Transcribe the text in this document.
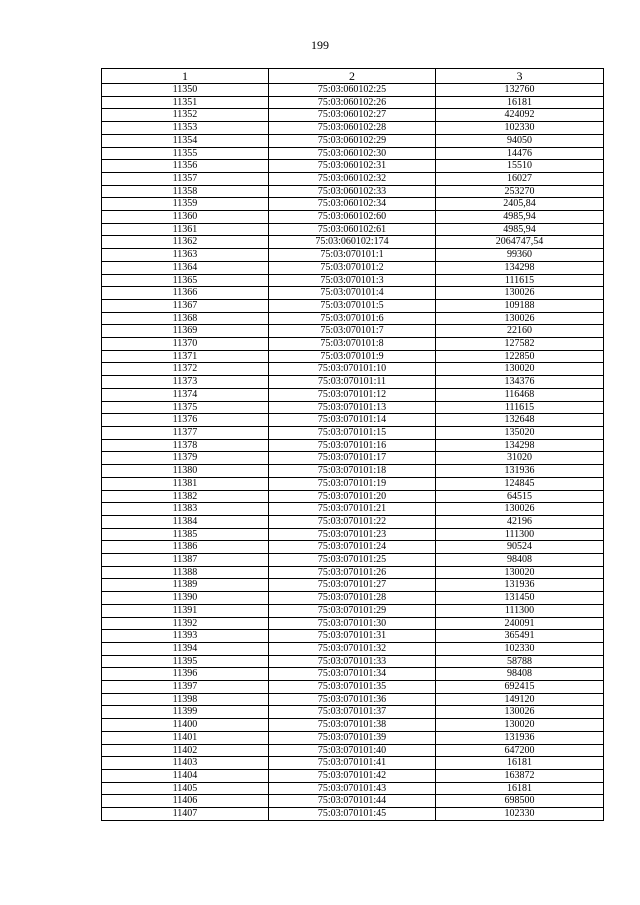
199
1	2	3
11350	75:03:060102:25	132760
11351	75:03:060102:26	16181
11352	75:03:060102:27	424092
11353	75:03:060102:28	102330
11354	75:03:060102:29	94050
11355	75:03:060102:30	14476
11356	75:03:060102:31	15510
11357	75:03:060102:32	16027
11358	75:03:060102:33	253270
11359	75:03:060102:34	2405,84
11360	75:03:060102:60	4985,94
11361	75:03:060102:61	4985,94
11362	75:03:060102:174	2064747,54
11363	75:03:070101:1	99360
11364	75:03:070101:2	134298
11365	75:03:070101:3	111615
11366	75:03:070101:4	130026
11367	75:03:070101:5	109188
11368	75:03:070101:6	130026
11369	75:03:070101:7	22160
11370	75:03:070101:8	127582
11371	75:03:070101:9	122850
11372	75:03:070101:10	130020
11373	75:03:070101:11	134376
11374	75:03:070101:12	116468
11375	75:03:070101:13	111615
11376	75:03:070101:14	132648
11377	75:03:070101:15	135020
11378	75:03:070101:16	134298
11379	75:03:070101:17	31020
11380	75:03:070101:18	131936
11381	75:03:070101:19	124845
11382	75:03:070101:20	64515
11383	75:03:070101:21	130026
11384	75:03:070101:22	42196
11385	75:03:070101:23	111300
11386	75:03:070101:24	90524
11387	75:03:070101:25	98408
11388	75:03:070101:26	130020
11389	75:03:070101:27	131936
11390	75:03:070101:28	131450
11391	75:03:070101:29	111300
11392	75:03:070101:30	240091
11393	75:03:070101:31	365491
11394	75:03:070101:32	102330
11395	75:03:070101:33	58788
11396	75:03:070101:34	98408
11397	75:03:070101:35	692415
11398	75:03:070101:36	149120
11399	75:03:070101:37	130026
11400	75:03:070101:38	130020
11401	75:03:070101:39	131936
11402	75:03:070101:40	647200
11403	75:03:070101:41	16181
11404	75:03:070101:42	163872
11405	75:03:070101:43	16181
11406	75:03:070101:44	698500
11407	75:03:070101:45	102330
